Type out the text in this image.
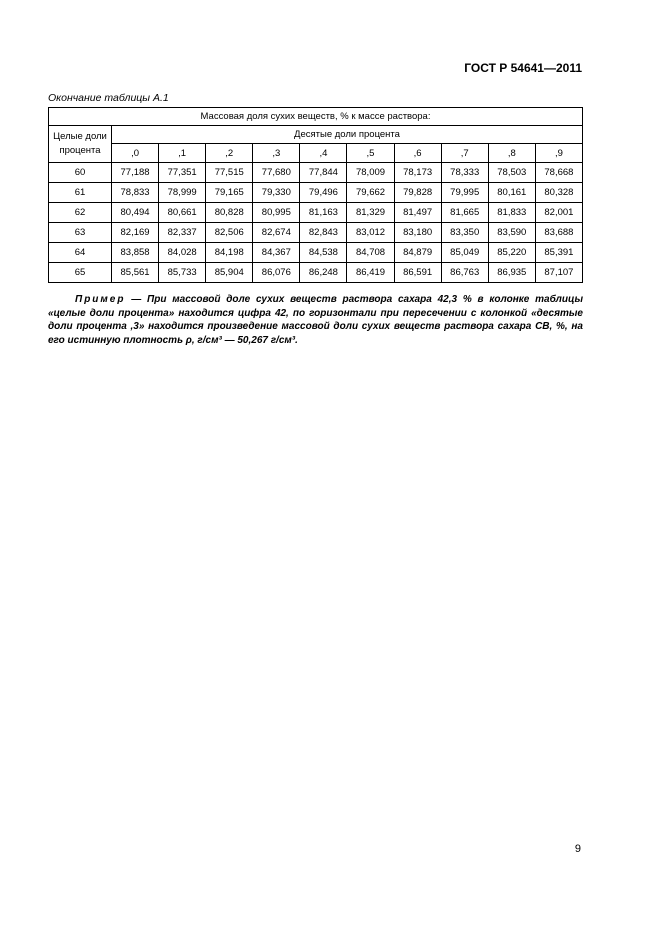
ГОСТ Р 54641—2011
Окончание таблицы А.1
Массовая доля сухих веществ, % к массе раствора:										
Целые доли процента	Десятые доли процента									
	,0	,1	,2	,3	,4	,5	,6	,7	,8	,9
60	77,188	77,351	77,515	77,680	77,844	78,009	78,173	78,333	78,503	78,668
61	78,833	78,999	79,165	79,330	79,496	79,662	79,828	79,995	80,161	80,328
62	80,494	80,661	80,828	80,995	81,163	81,329	81,497	81,665	81,833	82,001
63	82,169	82,337	82,506	82,674	82,843	83,012	83,180	83,350	83,590	83,688
64	83,858	84,028	84,198	84,367	84,538	84,708	84,879	85,049	85,220	85,391
65	85,561	85,733	85,904	86,076	86,248	86,419	86,591	86,763	86,935	87,107
Пример — При массовой доле сухих веществ раствора сахара 42,3 % в колонке таблицы «целые доли процента» находится цифра 42, по горизонтали при пересечении с колонкой «десятые доли процента ,3» находится произведение массовой доли сухих веществ раствора сахара СВ, %, на его истинную плотность ρ, г/см³ — 50,267 г/см³.
9
